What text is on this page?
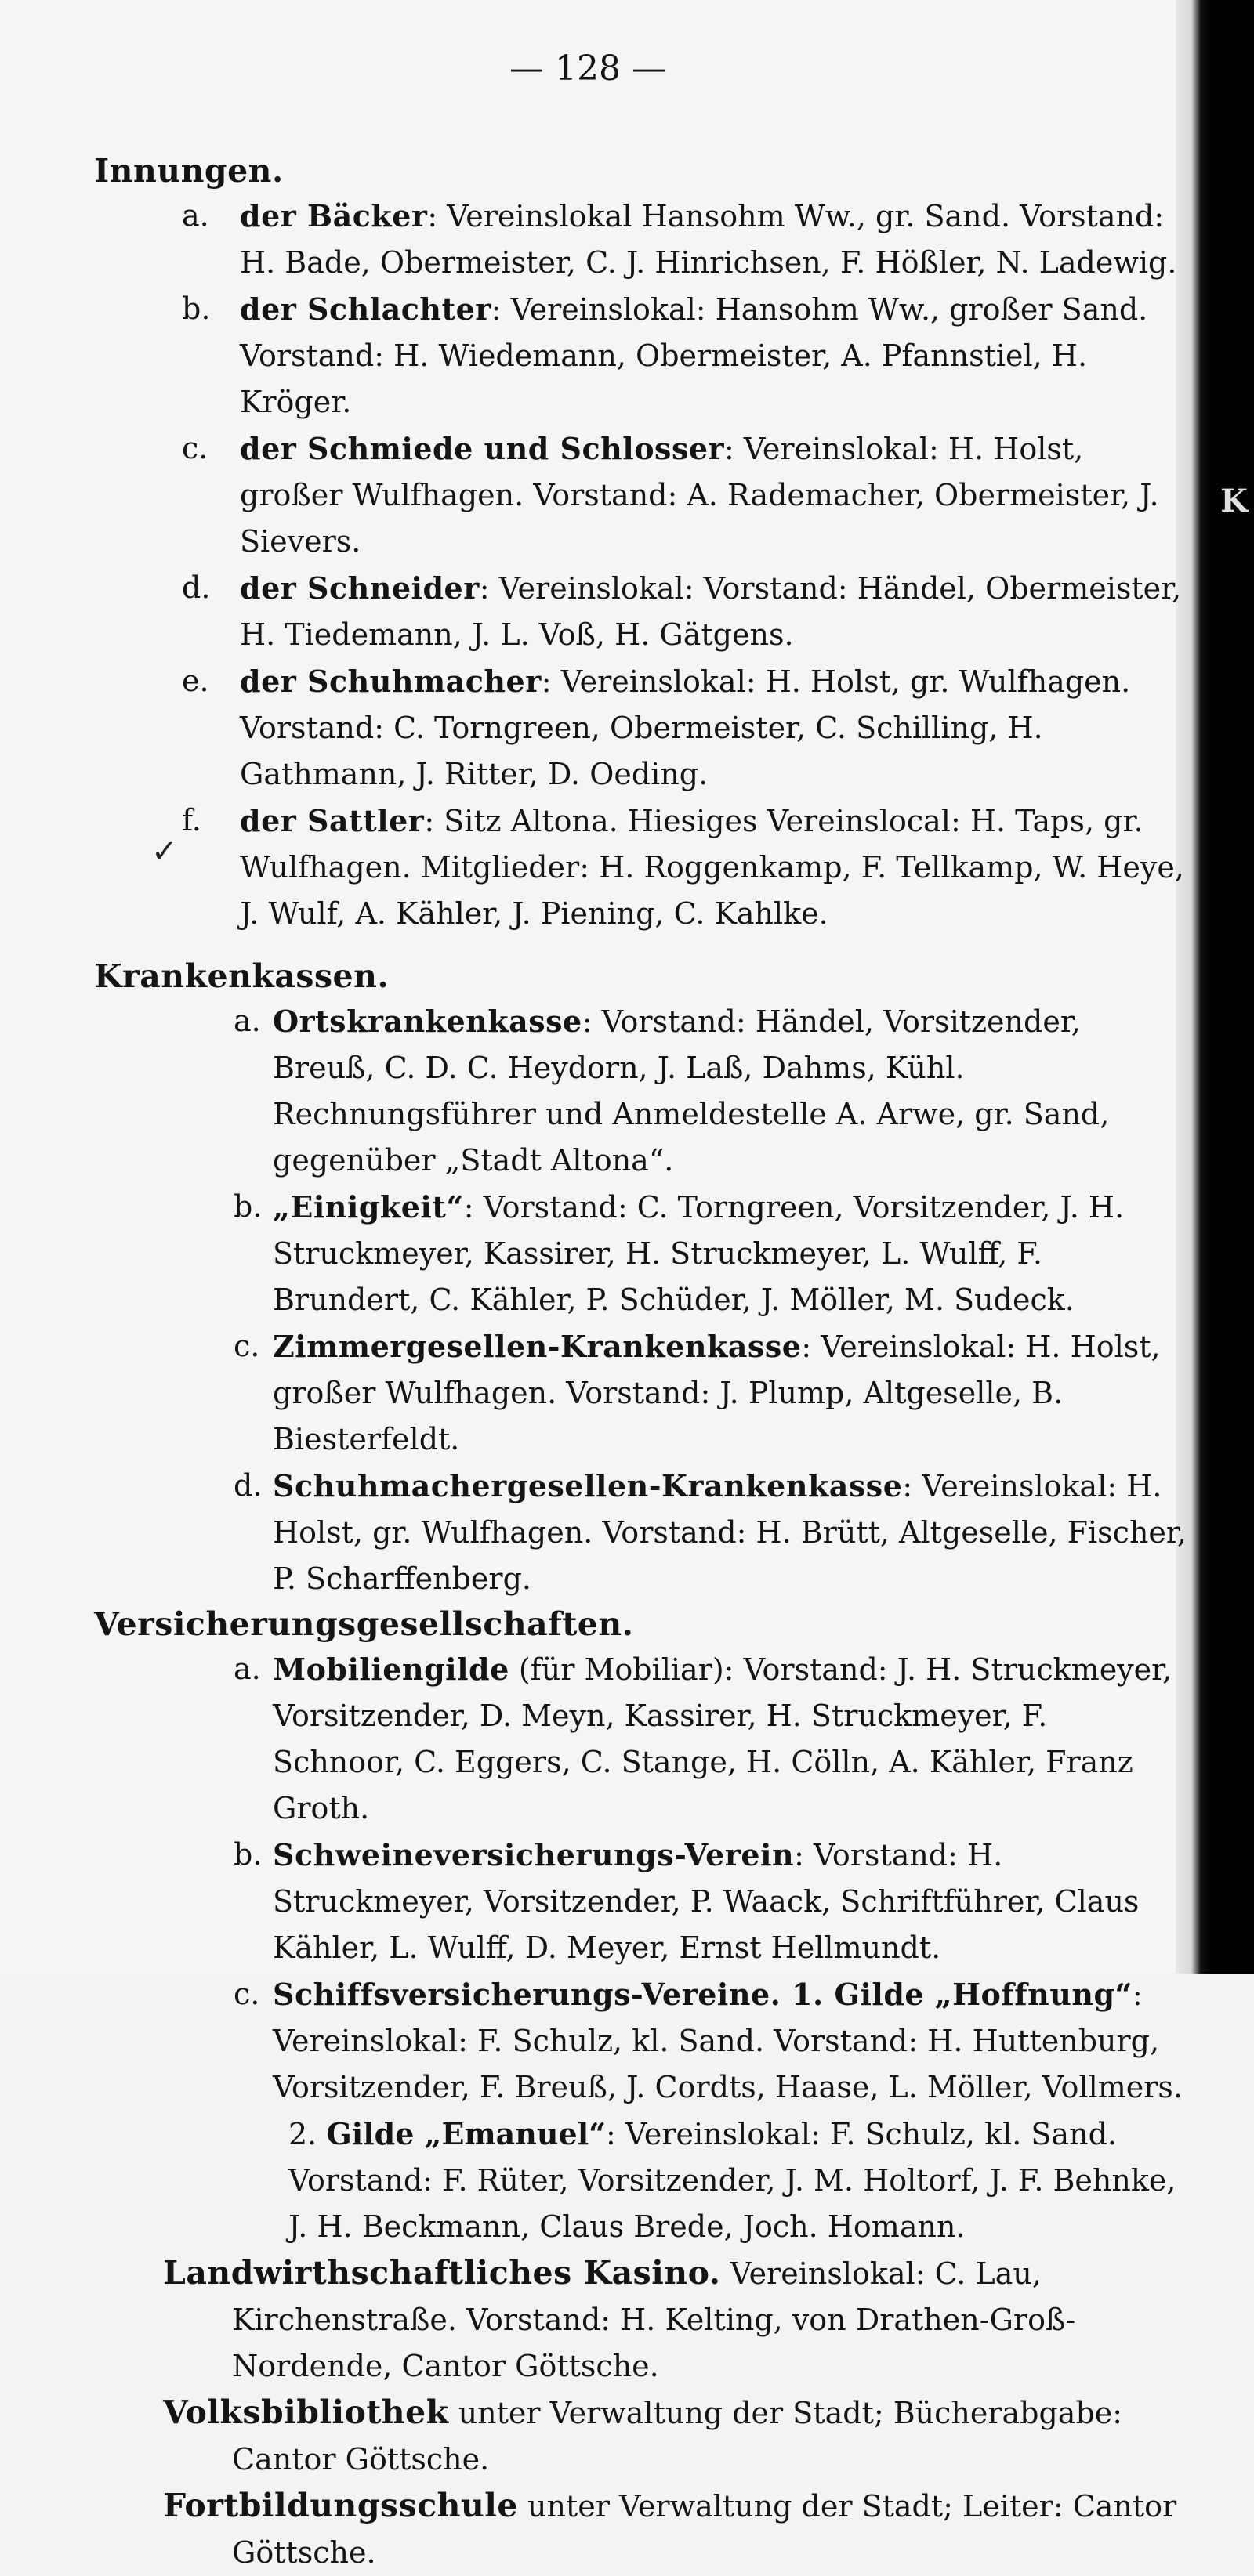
K
— 128 —
✓
Innungen.
a. der Bäcker: Vereinslokal Hansohm Ww., gr. Sand. Vorstand: H. Bade, Obermeister, C. J. Hinrichsen, F. Hößler, N. Ladewig.
b. der Schlachter: Vereinslokal: Hansohm Ww., großer Sand. Vorstand: H. Wiedemann, Obermeister, A. Pfannstiel, H. Kröger.
c. der Schmiede und Schlosser: Vereinslokal: H. Holst, großer Wulfhagen. Vorstand: A. Rademacher, Obermeister, J. Sievers.
d. der Schneider: Vereinslokal: Vorstand: Händel, Obermeister, H. Tiedemann, J. L. Voß, H. Gätgens.
e. der Schuhmacher: Vereinslokal: H. Holst, gr. Wulfhagen. Vorstand: C. Torngreen, Obermeister, C. Schilling, H. Gathmann, J. Ritter, D. Oeding.
f. der Sattler: Sitz Altona. Hiesiges Vereinslocal: H. Taps, gr. Wulfhagen. Mitglieder: H. Roggenkamp, F. Tellkamp, W. Heye, J. Wulf, A. Kähler, J. Piening, C. Kahlke.
Krankenkassen.
a. Ortskrankenkasse: Vorstand: Händel, Vorsitzender, Breuß, C. D. C. Heydorn, J. Laß, Dahms, Kühl. Rechnungsführer und Anmeldestelle A. Arwe, gr. Sand, gegenüber „Stadt Altona“.
b. „Einigkeit“: Vorstand: C. Torngreen, Vorsitzender, J. H. Struckmeyer, Kassirer, H. Struckmeyer, L. Wulff, F. Brundert, C. Kähler, P. Schüder, J. Möller, M. Sudeck.
c. Zimmergesellen-Krankenkasse: Vereinslokal: H. Holst, großer Wulfhagen. Vorstand: J. Plump, Altgeselle, B. Biesterfeldt.
d. Schuhmachergesellen-Krankenkasse: Vereinslokal: H. Holst, gr. Wulfhagen. Vorstand: H. Brütt, Altgeselle, Fischer, P. Scharffenberg.
Versicherungsgesellschaften.
a. Mobiliengilde (für Mobiliar): Vorstand: J. H. Struckmeyer, Vorsitzender, D. Meyn, Kassirer, H. Struckmeyer, F. Schnoor, C. Eggers, C. Stange, H. Cölln, A. Kähler, Franz Groth.
b. Schweineversicherungs-Verein: Vorstand: H. Struckmeyer, Vorsitzender, P. Waack, Schriftführer, Claus Kähler, L. Wulff, D. Meyer, Ernst Hellmundt.
c. Schiffsversicherungs-Vereine. 1. Gilde „Hoffnung“: Vereinslokal: F. Schulz, kl. Sand. Vorstand: H. Huttenburg, Vorsitzender, F. Breuß, J. Cordts, Haase, L. Möller, Vollmers.
2. Gilde „Emanuel“: Vereinslokal: F. Schulz, kl. Sand. Vorstand: F. Rüter, Vorsitzender, J. M. Holtorf, J. F. Behnke, J. H. Beckmann, Claus Brede, Joch. Homann.
Landwirthschaftliches Kasino. Vereinslokal: C. Lau, Kirchenstraße. Vorstand: H. Kelting, von Drathen-Groß-Nordende, Cantor Göttsche.
Volksbibliothek unter Verwaltung der Stadt; Bücherabgabe: Cantor Göttsche.
Fortbildungsschule unter Verwaltung der Stadt; Leiter: Cantor Göttsche.
